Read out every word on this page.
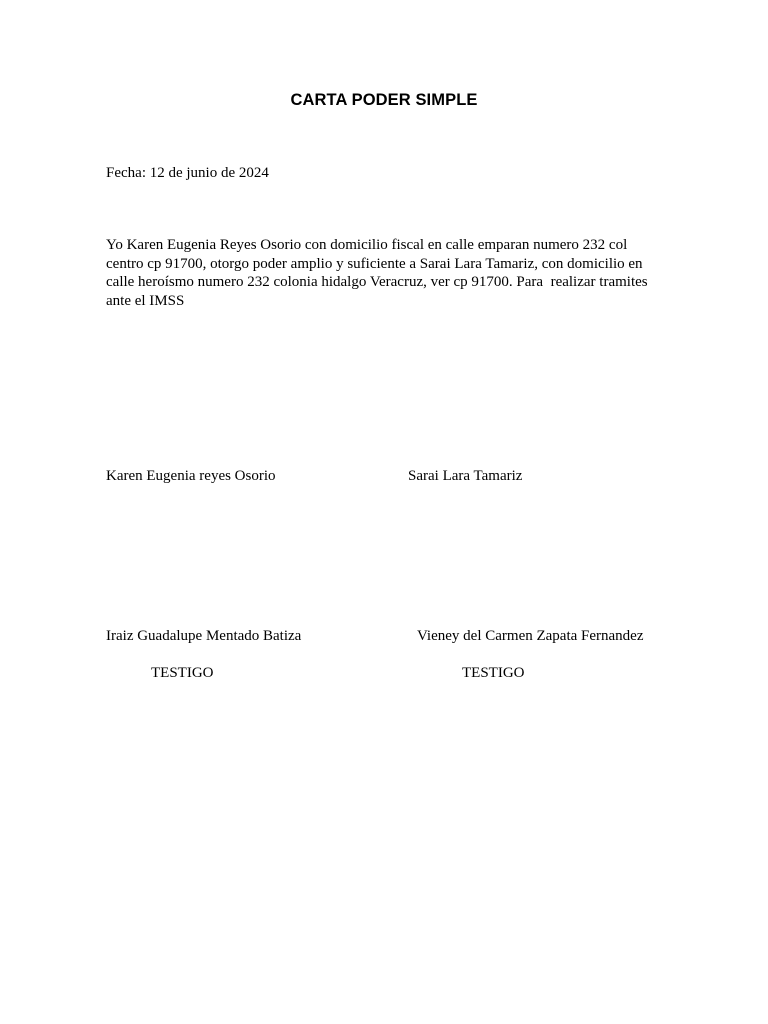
CARTA PODER SIMPLE
Fecha: 12 de junio de 2024
Yo Karen Eugenia Reyes Osorio con domicilio fiscal en calle emparan numero 232 col
centro cp 91700, otorgo poder amplio y suficiente a Sarai Lara Tamariz, con domicilio en
calle heroísmo numero 232 colonia hidalgo Veracruz, ver cp 91700. Para  realizar tramites
ante el IMSS
Karen Eugenia reyes Osorio	Sarai Lara Tamariz
Iraiz Guadalupe Mentado Batiza	Vieney del Carmen Zapata Fernandez
TESTIGO	TESTIGO
